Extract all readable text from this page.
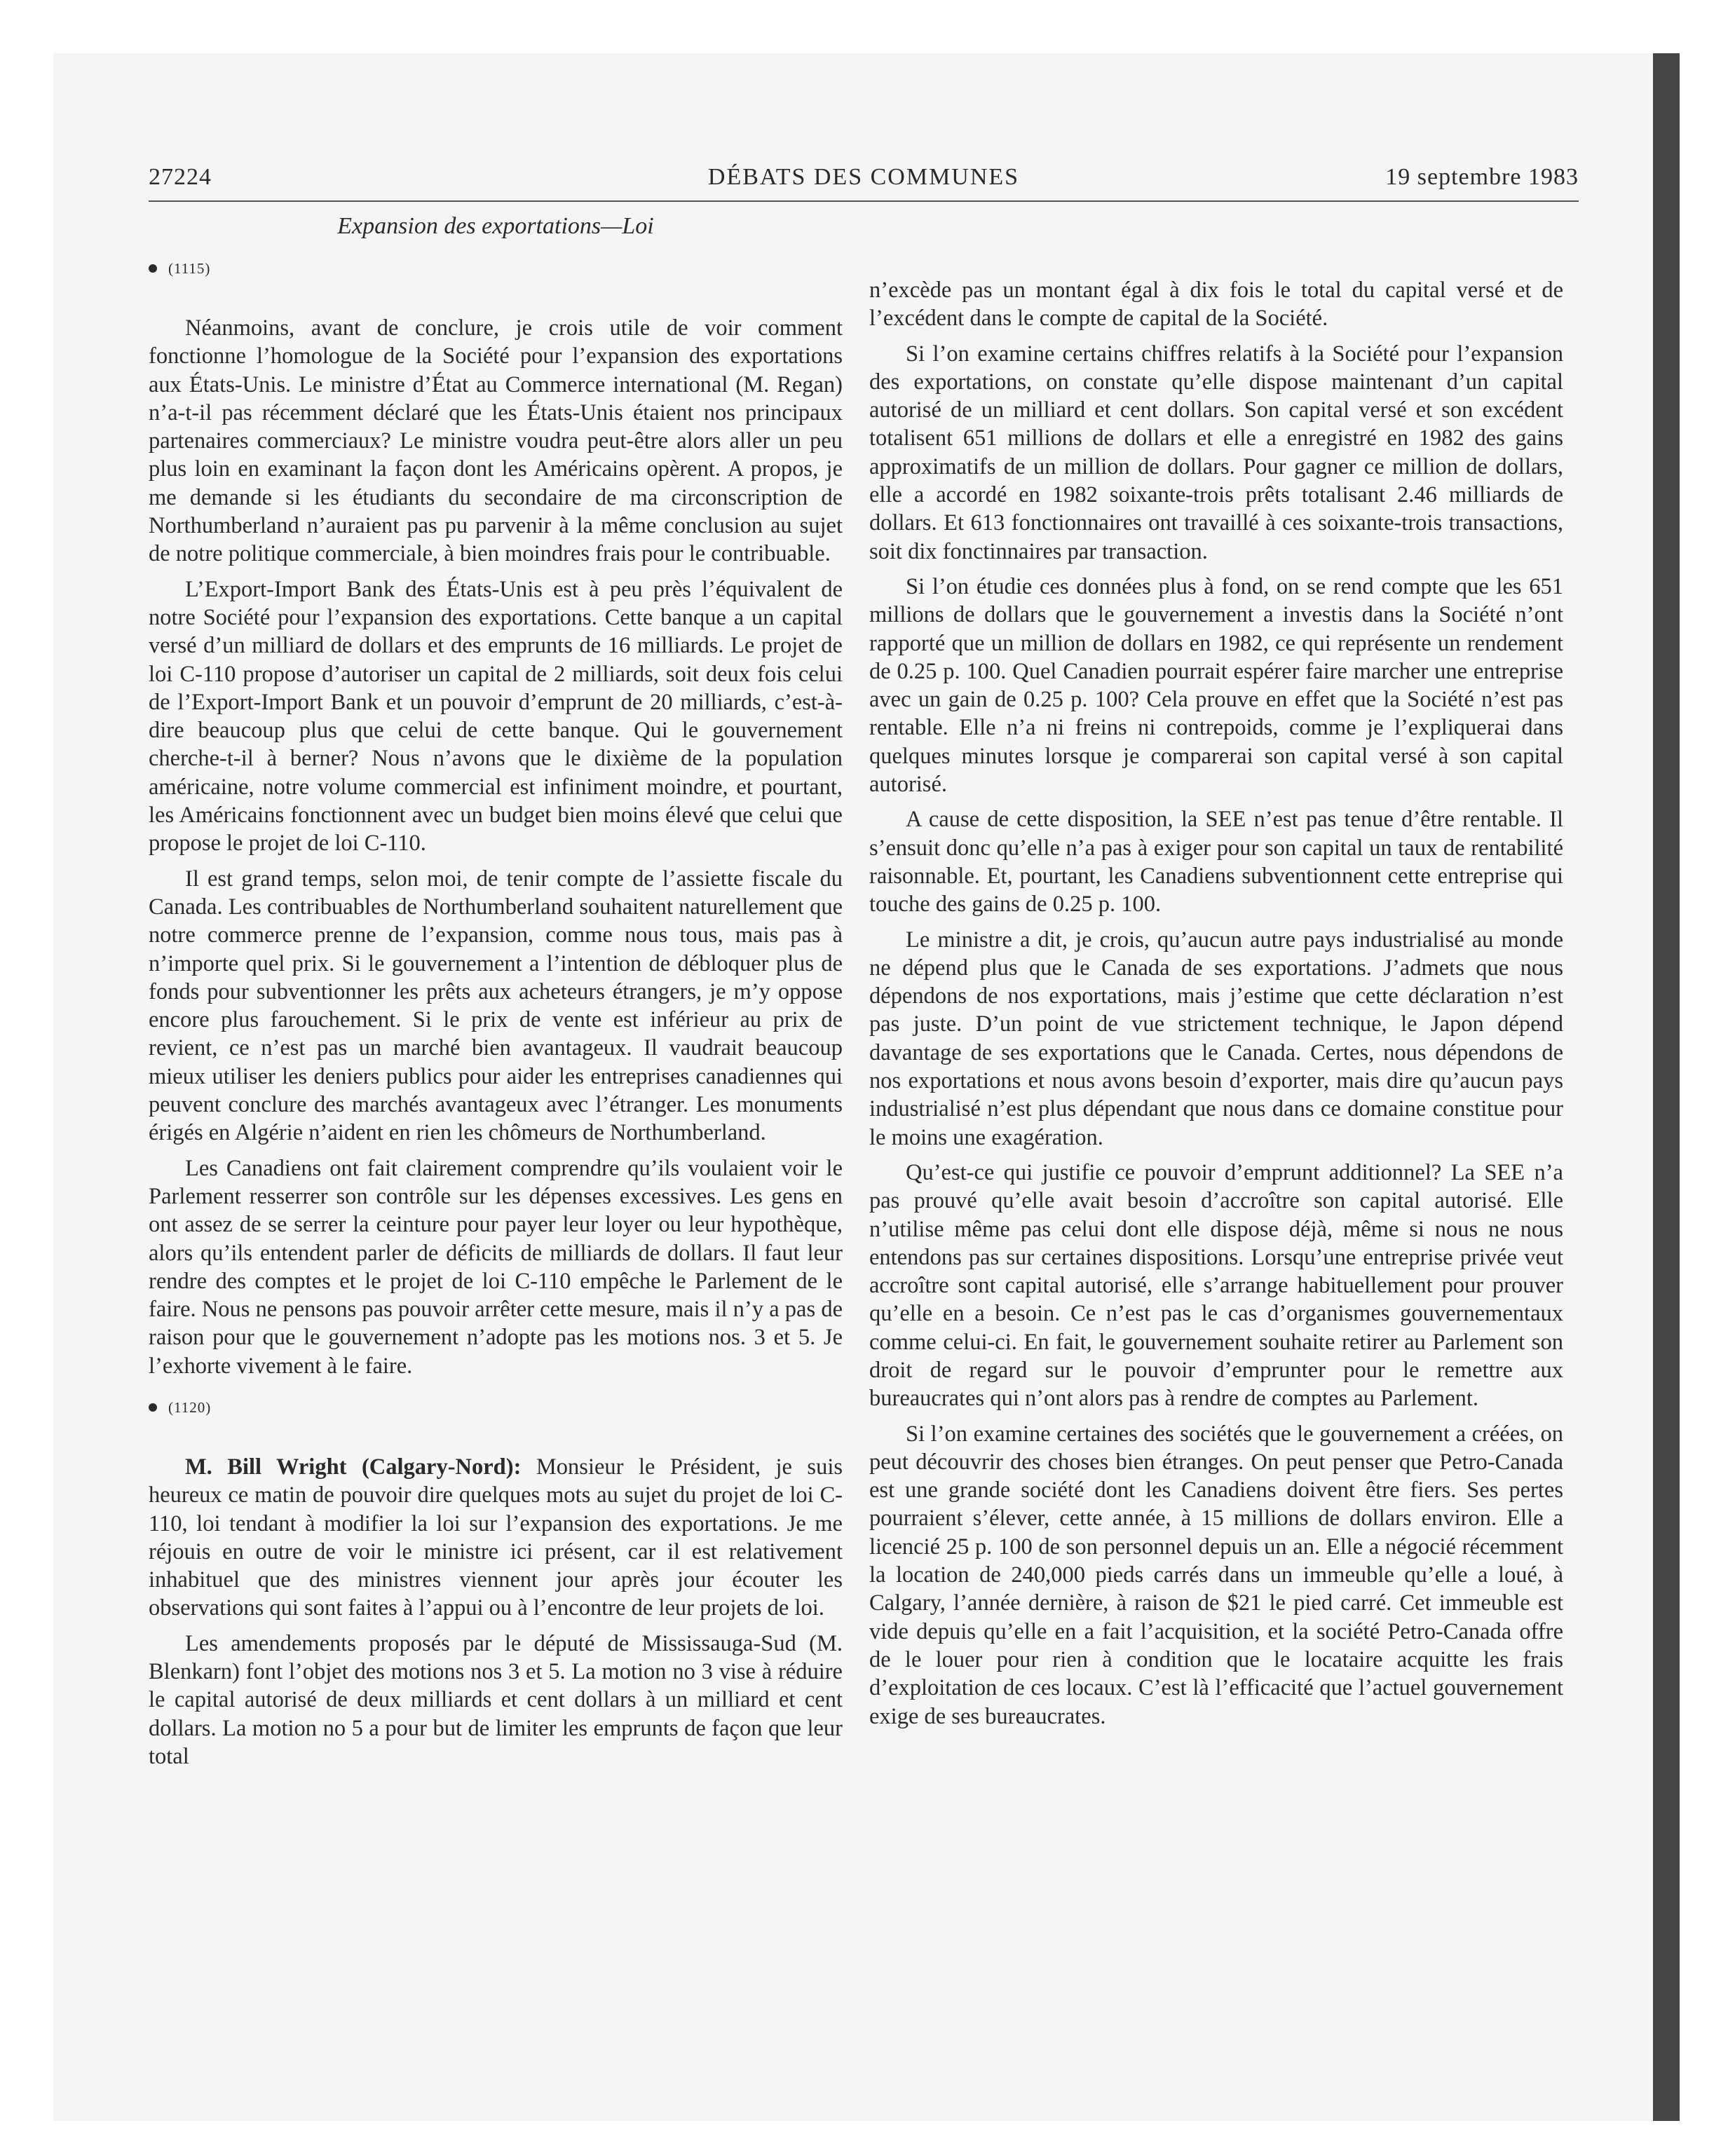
27224	DÉBATS DES COMMUNES	19 septembre 1983
Expansion des exportations—Loi
(1115)

Néanmoins, avant de conclure, je crois utile de voir comment fonctionne l’homologue de la Société pour l’expansion des exportations aux États-Unis. Le ministre d’État au Commerce international (M. Regan) n’a-t-il pas récemment déclaré que les États-Unis étaient nos principaux partenaires commerciaux? Le ministre voudra peut-être alors aller un peu plus loin en examinant la façon dont les Américains opèrent. A propos, je me demande si les étudiants du secondaire de ma circonscription de Northumberland n’auraient pas pu parvenir à la même conclusion au sujet de notre politique commerciale, à bien moindres frais pour le contribuable.

L’Export-Import Bank des États-Unis est à peu près l’équivalent de notre Société pour l’expansion des exportations. Cette banque a un capital versé d’un milliard de dollars et des emprunts de 16 milliards. Le projet de loi C-110 propose d’autoriser un capital de 2 milliards, soit deux fois celui de l’Export-Import Bank et un pouvoir d’emprunt de 20 milliards, c’est-à-dire beaucoup plus que celui de cette banque. Qui le gouvernement cherche-t-il à berner? Nous n’avons que le dixième de la population américaine, notre volume commercial est infiniment moindre, et pourtant, les Américains fonctionnent avec un budget bien moins élevé que celui que propose le projet de loi C-110.

Il est grand temps, selon moi, de tenir compte de l’assiette fiscale du Canada. Les contribuables de Northumberland souhaitent naturellement que notre commerce prenne de l’expansion, comme nous tous, mais pas à n’importe quel prix. Si le gouvernement a l’intention de débloquer plus de fonds pour subventionner les prêts aux acheteurs étrangers, je m’y oppose encore plus farouchement. Si le prix de vente est inférieur au prix de revient, ce n’est pas un marché bien avantageux. Il vaudrait beaucoup mieux utiliser les deniers publics pour aider les entreprises canadiennes qui peuvent conclure des marchés avantageux avec l’étranger. Les monuments érigés en Algérie n’aident en rien les chômeurs de Northumberland.

Les Canadiens ont fait clairement comprendre qu’ils voulaient voir le Parlement resserrer son contrôle sur les dépenses excessives. Les gens en ont assez de se serrer la ceinture pour payer leur loyer ou leur hypothèque, alors qu’ils entendent parler de déficits de milliards de dollars. Il faut leur rendre des comptes et le projet de loi C-110 empêche le Parlement de le faire. Nous ne pensons pas pouvoir arrêter cette mesure, mais il n’y a pas de raison pour que le gouvernement n’adopte pas les motions nos. 3 et 5. Je l’exhorte vivement à le faire.

(1120)

M. Bill Wright (Calgary-Nord): Monsieur le Président, je suis heureux ce matin de pouvoir dire quelques mots au sujet du projet de loi C-110, loi tendant à modifier la loi sur l’expansion des exportations. Je me réjouis en outre de voir le ministre ici présent, car il est relativement inhabituel que des ministres viennent jour après jour écouter les observations qui sont faites à l’appui ou à l’encontre de leur projets de loi.

Les amendements proposés par le député de Mississauga-Sud (M. Blenkarn) font l’objet des motions nos 3 et 5. La motion no 3 vise à réduire le capital autorisé de deux milliards et cent dollars à un milliard et cent dollars. La motion no 5 a pour but de limiter les emprunts de façon que leur total

n’excède pas un montant égal à dix fois le total du capital versé et de l’excédent dans le compte de capital de la Société.

Si l’on examine certains chiffres relatifs à la Société pour l’expansion des exportations, on constate qu’elle dispose maintenant d’un capital autorisé de un milliard et cent dollars. Son capital versé et son excédent totalisent 651 millions de dollars et elle a enregistré en 1982 des gains approximatifs de un million de dollars. Pour gagner ce million de dollars, elle a accordé en 1982 soixante-trois prêts totalisant 2.46 milliards de dollars. Et 613 fonctionnaires ont travaillé à ces soixante-trois transactions, soit dix fonctinnaires par transaction.

Si l’on étudie ces données plus à fond, on se rend compte que les 651 millions de dollars que le gouvernement a investis dans la Société n’ont rapporté que un million de dollars en 1982, ce qui représente un rendement de 0.25 p. 100. Quel Canadien pourrait espérer faire marcher une entreprise avec un gain de 0.25 p. 100? Cela prouve en effet que la Société n’est pas rentable. Elle n’a ni freins ni contrepoids, comme je l’expliquerai dans quelques minutes lorsque je comparerai son capital versé à son capital autorisé.

A cause de cette disposition, la SEE n’est pas tenue d’être rentable. Il s’ensuit donc qu’elle n’a pas à exiger pour son capital un taux de rentabilité raisonnable. Et, pourtant, les Canadiens subventionnent cette entreprise qui touche des gains de 0.25 p. 100.

Le ministre a dit, je crois, qu’aucun autre pays industrialisé au monde ne dépend plus que le Canada de ses exportations. J’admets que nous dépendons de nos exportations, mais j’estime que cette déclaration n’est pas juste. D’un point de vue strictement technique, le Japon dépend davantage de ses exportations que le Canada. Certes, nous dépendons de nos exportations et nous avons besoin d’exporter, mais dire qu’aucun pays industrialisé n’est plus dépendant que nous dans ce domaine constitue pour le moins une exagération.

Qu’est-ce qui justifie ce pouvoir d’emprunt additionnel? La SEE n’a pas prouvé qu’elle avait besoin d’accroître son capital autorisé. Elle n’utilise même pas celui dont elle dispose déjà, même si nous ne nous entendons pas sur certaines dispositions. Lorsqu’une entreprise privée veut accroître sont capital autorisé, elle s’arrange habituellement pour prouver qu’elle en a besoin. Ce n’est pas le cas d’organismes gouvernementaux comme celui-ci. En fait, le gouvernement souhaite retirer au Parlement son droit de regard sur le pouvoir d’emprunter pour le remettre aux bureaucrates qui n’ont alors pas à rendre de comptes au Parlement.

Si l’on examine certaines des sociétés que le gouvernement a créées, on peut découvrir des choses bien étranges. On peut penser que Petro-Canada est une grande société dont les Canadiens doivent être fiers. Ses pertes pourraient s’élever, cette année, à 15 millions de dollars environ. Elle a licencié 25 p. 100 de son personnel depuis un an. Elle a négocié récemment la location de 240,000 pieds carrés dans un immeuble qu’elle a loué, à Calgary, l’année dernière, à raison de $21 le pied carré. Cet immeuble est vide depuis qu’elle en a fait l’acquisition, et la société Petro-Canada offre de le louer pour rien à condition que le locataire acquitte les frais d’exploitation de ces locaux. C’est là l’efficacité que l’actuel gouvernement exige de ses bureaucrates.
